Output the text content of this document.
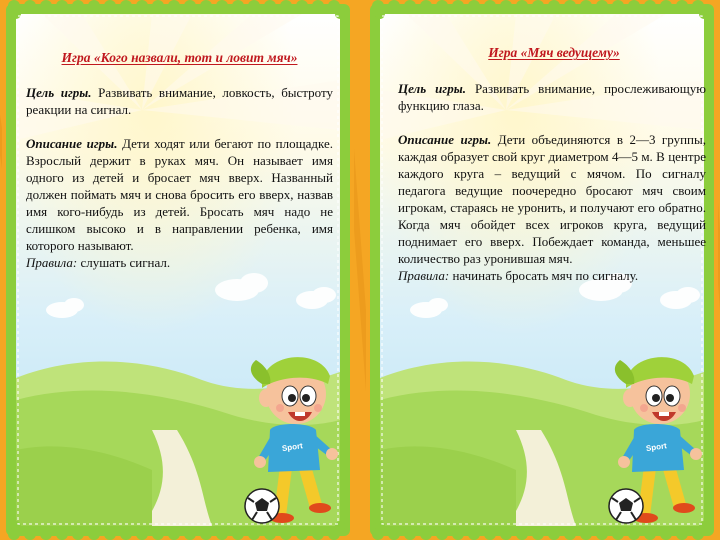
Sport
Игра «Кого назвали, тот и ловит мяч»
Цель игры. Развивать внимание, ловкость, быстроту реакции на сигнал.
Описание игры. Дети ходят или бегают по площадке. Взрослый держит в руках мяч. Он называет имя одного из детей и бросает мяч вверх. Названный должен поймать мяч и снова бросить его вверх, назвав имя кого-нибудь из детей. Бросать мяч надо не слишком высоко и в направлении ребенка, имя которого называют.
Правила: слушать сигнал.
Sport
Игра «Мяч ведущему»
Цель игры. Развивать внимание, прослеживающую функцию глаза.
Описание игры. Дети объединяются в 2—3 группы, каждая образует свой круг диаметром 4—5 м. В центре каждого круга – ведущий с мячом. По сигналу педагога ведущие поочередно бросают мяч своим игрокам, стараясь не уронить, и получают его обратно. Когда мяч обойдет всех игроков круга, ведущий поднимает его вверх. Побеждает команда, меньшее количество раз уронившая мяч.
Правила: начинать бросать мяч по сигналу.
